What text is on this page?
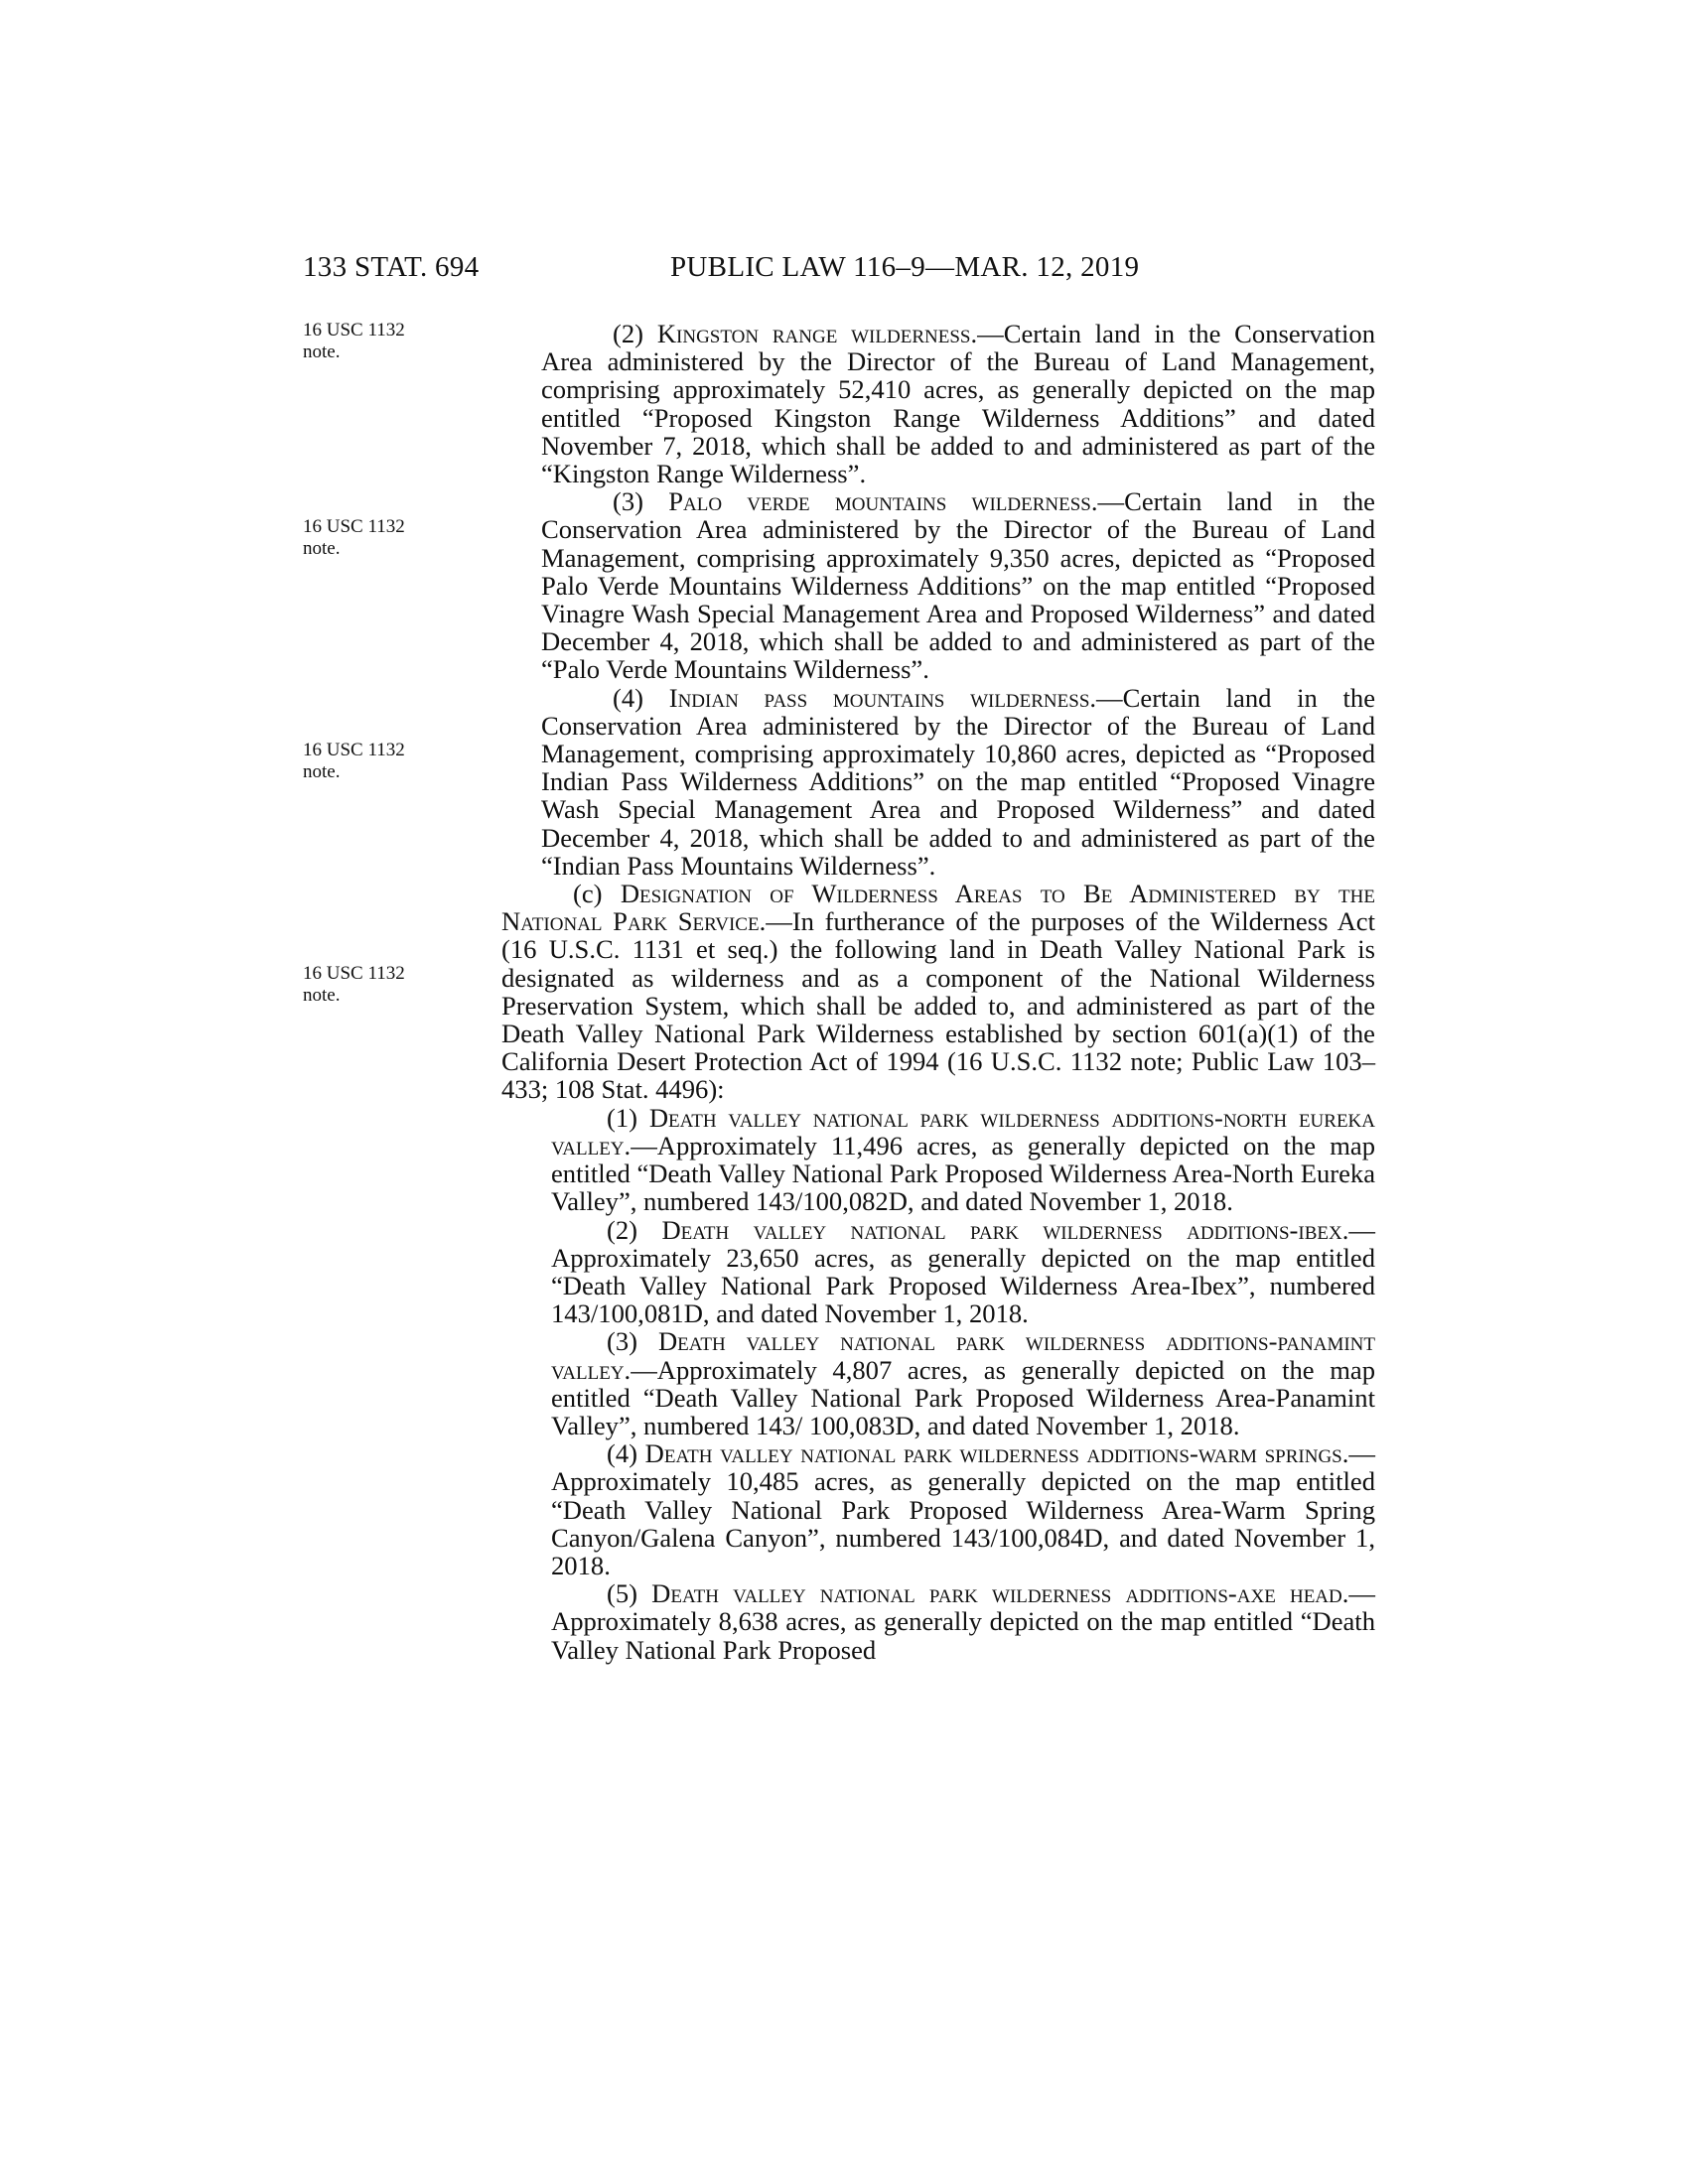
133 STAT. 694	PUBLIC LAW 116–9—MAR. 12, 2019
16 USC 1132
note.
16 USC 1132
note.
16 USC 1132
note.
16 USC 1132
note.

(2) Kingston range wilderness.—Certain land in the Conservation Area administered by the Director of the Bureau of Land Management, comprising approximately 52,410 acres, as generally depicted on the map entitled “Proposed Kingston Range Wilderness Additions” and dated November 7, 2018, which shall be added to and administered as part of the “Kingston Range Wilderness”.

(3) Palo verde mountains wilderness.—Certain land in the Conservation Area administered by the Director of the Bureau of Land Management, comprising approximately 9,350 acres, depicted as “Proposed Palo Verde Mountains Wilderness Additions” on the map entitled “Proposed Vinagre Wash Special Management Area and Proposed Wilderness” and dated December 4, 2018, which shall be added to and administered as part of the “Palo Verde Mountains Wilderness”.

(4) Indian pass mountains wilderness.—Certain land in the Conservation Area administered by the Director of the Bureau of Land Management, comprising approximately 10,860 acres, depicted as “Proposed Indian Pass Wilderness Additions” on the map entitled “Proposed Vinagre Wash Special Management Area and Proposed Wilderness” and dated December 4, 2018, which shall be added to and administered as part of the “Indian Pass Mountains Wilderness”.

(c) Designation of Wilderness Areas to Be Administered by the National Park Service.—In furtherance of the purposes of the Wilderness Act (16 U.S.C. 1131 et seq.) the following land in Death Valley National Park is designated as wilderness and as a component of the National Wilderness Preservation System, which shall be added to, and administered as part of the Death Valley National Park Wilderness established by section 601(a)(1) of the California Desert Protection Act of 1994 (16 U.S.C. 1132 note; Public Law 103–433; 108 Stat. 4496):

(1) Death valley national park wilderness additions-north eureka valley.—Approximately 11,496 acres, as generally depicted on the map entitled “Death Valley National Park Proposed Wilderness Area-North Eureka Valley”, numbered 143/100,082D, and dated November 1, 2018.

(2) Death valley national park wilderness additions-ibex.—Approximately 23,650 acres, as generally depicted on the map entitled “Death Valley National Park Proposed Wilderness Area-Ibex”, numbered 143/100,081D, and dated November 1, 2018.

(3) Death valley national park wilderness additions-panamint valley.—Approximately 4,807 acres, as generally depicted on the map entitled “Death Valley National Park Proposed Wilderness Area-Panamint Valley”, numbered 143/ 100,083D, and dated November 1, 2018.

(4) Death valley national park wilderness additions-warm springs.—Approximately 10,485 acres, as generally depicted on the map entitled “Death Valley National Park Proposed Wilderness Area-Warm Spring Canyon/Galena Canyon”, numbered 143/100,084D, and dated November 1, 2018.

(5) Death valley national park wilderness additions-axe head.—Approximately 8,638 acres, as generally depicted on the map entitled “Death Valley National Park Proposed
